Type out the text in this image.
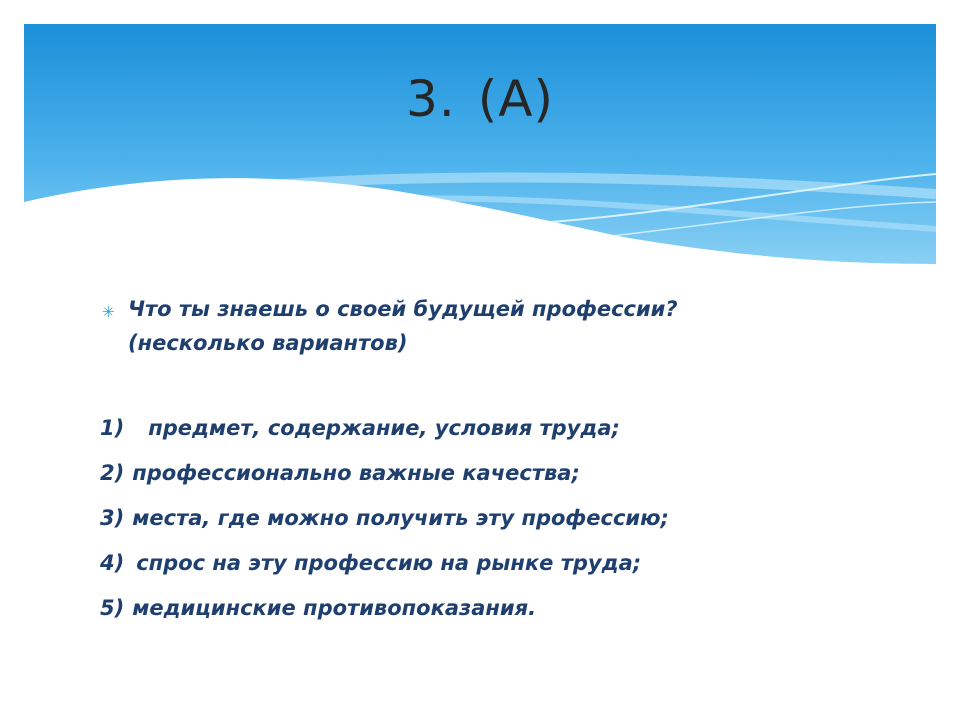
3. (A)
✳ Что ты знаешь о своей будущей профессии?
(несколько вариантов)
1) предмет, содержание, условия труда;
2) профессионально важные качества;
3) места, где можно получить эту профессию;
4) спрос на эту профессию на рынке труда;
5) медицинские противопоказания.
